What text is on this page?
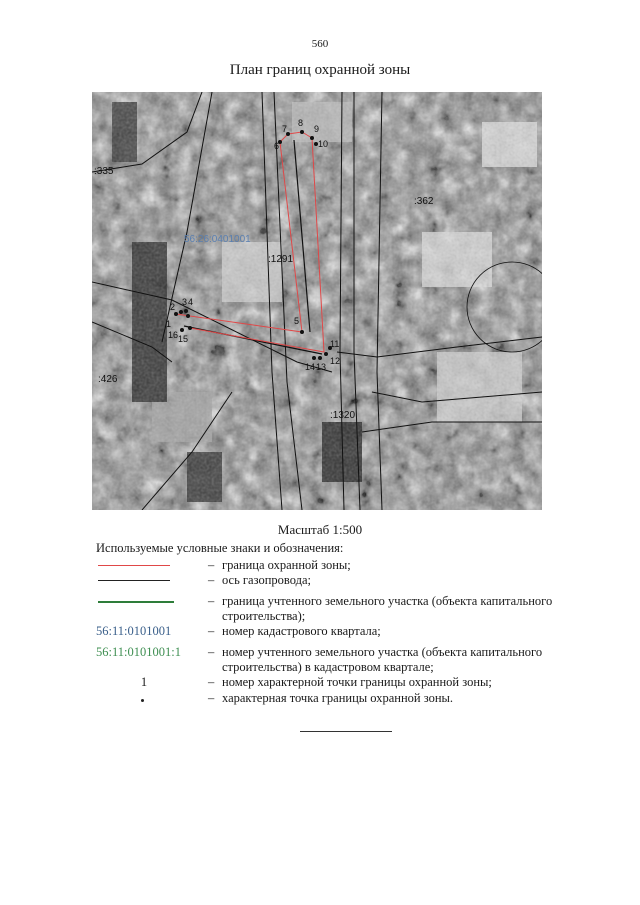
560
План границ охранной зоны
:335
:362
:1291
:426
:1320
56:26:0401001
1
2 3 4
5
6
7
8
9
10
11
12
13
14
15
16
Масштаб 1:500
Используемые условные знаки и обозначения:
– граница охранной зоны;
– ось газопровода;
– граница учтенного земельного участка (объекта капитального строительства);
56:11:0101001	– номер кадастрового квартала;
56:11:0101001:1	– номер учтенного земельного участка (объекта капитального строительства) в кадастровом квартале;
1	– номер характерной точки границы охранной зоны;
– характерная точка границы охранной зоны.
